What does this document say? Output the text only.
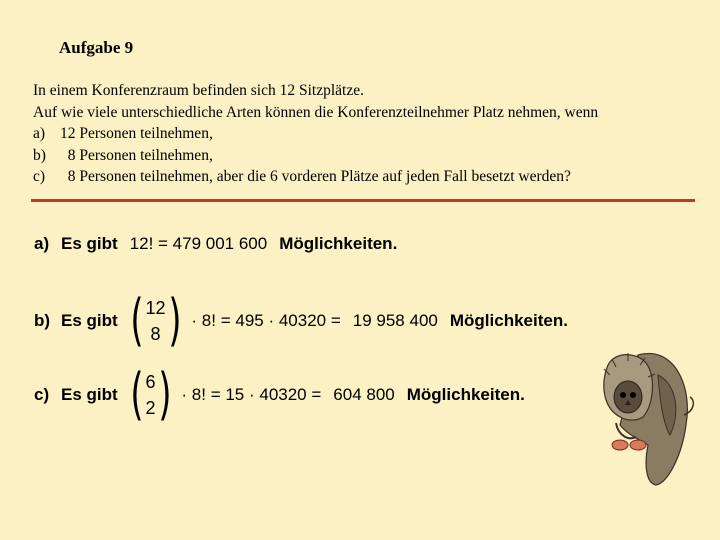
Aufgabe 9
In einem Konferenzraum befinden sich 12 Sitzplätze.
Auf wie viele unterschiedliche Arten können die Konferenzteilnehmer Platz nehmen, wenn
a) 12 Personen teilnehmen,
b)  8 Personen teilnehmen,
c)  8 Personen teilnehmen, aber die 6 vorderen Plätze auf jeden Fall besetzt werden?
a) Es gibt 12! = 479 001 600 Möglichkeiten.
b) Es gibt ( 12
8 ) · 8! = 495 · 40320 = 19 958 400 Möglichkeiten.
c) Es gibt ( 6
2 ) · 8! = 15 · 40320 = 604 800 Möglichkeiten.
